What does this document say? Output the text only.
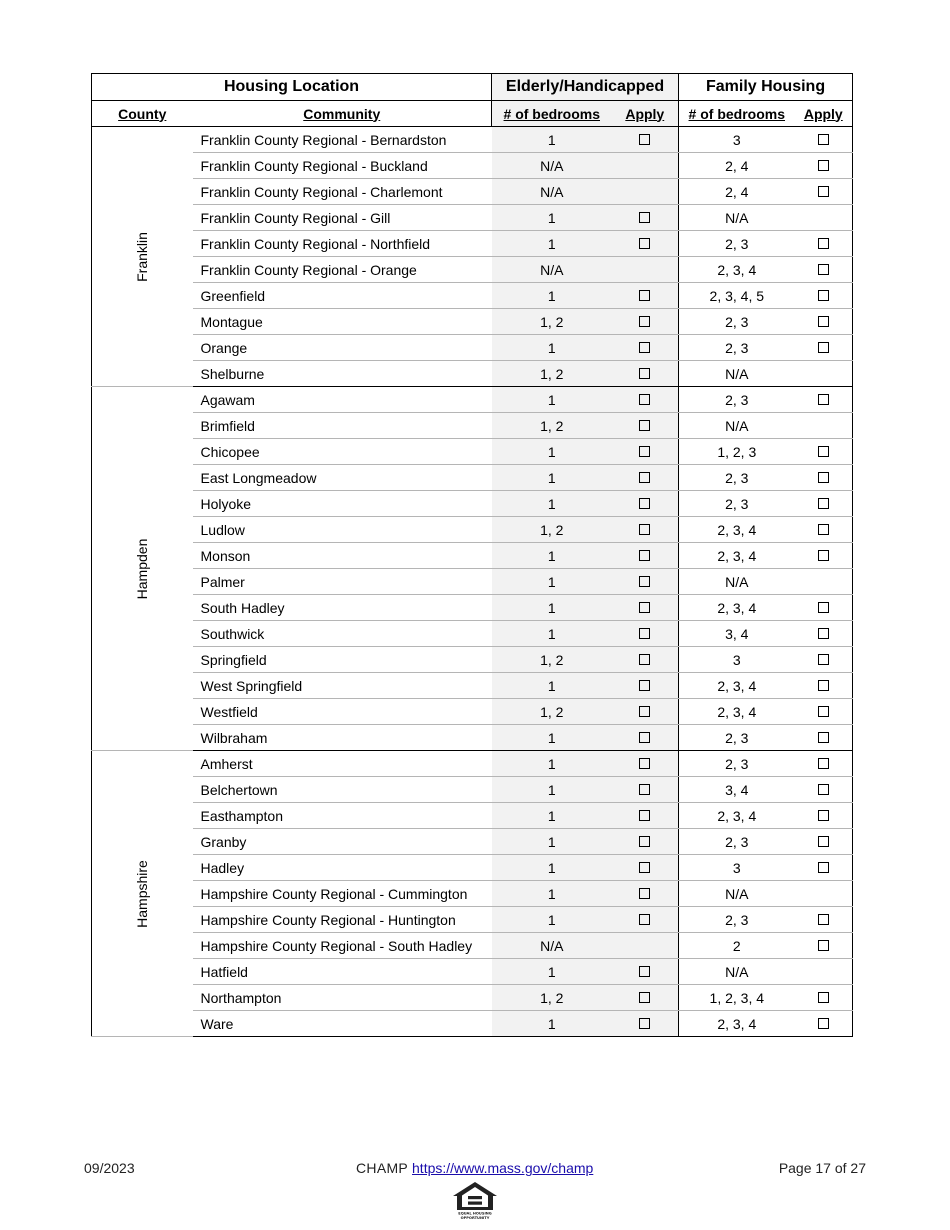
Housing Location		Elderly/Handicapped		Family Housing	
County	Community	# of bedrooms	Apply	# of bedrooms	Apply

Franklin	Franklin County Regional - Bernardston	1		3	
	Franklin County Regional - Buckland	N/A		2, 4	
	Franklin County Regional - Charlemont	N/A		2, 4	
	Franklin County Regional - Gill	1		N/A	
	Franklin County Regional - Northfield	1		2, 3	
	Franklin County Regional - Orange	N/A		2, 3, 4	
	Greenfield	1		2, 3, 4, 5	
	Montague	1, 2		2, 3	
	Orange	1		2, 3	
	Shelburne	1, 2		N/A	

Hampden	Agawam	1		2, 3	
	Brimfield	1, 2		N/A	
	Chicopee	1		1, 2, 3	
	East Longmeadow	1		2, 3	
	Holyoke	1		2, 3	
	Ludlow	1, 2		2, 3, 4	
	Monson	1		2, 3, 4	
	Palmer	1		N/A	
	South Hadley	1		2, 3, 4	
	Southwick	1		3, 4	
	Springfield	1, 2		3	
	West Springfield	1		2, 3, 4	
	Westfield	1, 2		2, 3, 4	
	Wilbraham	1		2, 3	

Hampshire	Amherst	1		2, 3	
	Belchertown	1		3, 4	
	Easthampton	1		2, 3, 4	
	Granby	1		2, 3	
	Hadley	1		3	
	Hampshire County Regional - Cummington	1		N/A	
	Hampshire County Regional - Huntington	1		2, 3	
	Hampshire County Regional - South Hadley	N/A		2	
	Hatfield	1		N/A	
	Northampton	1, 2		1, 2, 3, 4	
	Ware	1		2, 3, 4	
09/2023	CHAMP https://www.mass.gov/champ	Page 17 of 27
EQUAL HOUSING
OPPORTUNITY
